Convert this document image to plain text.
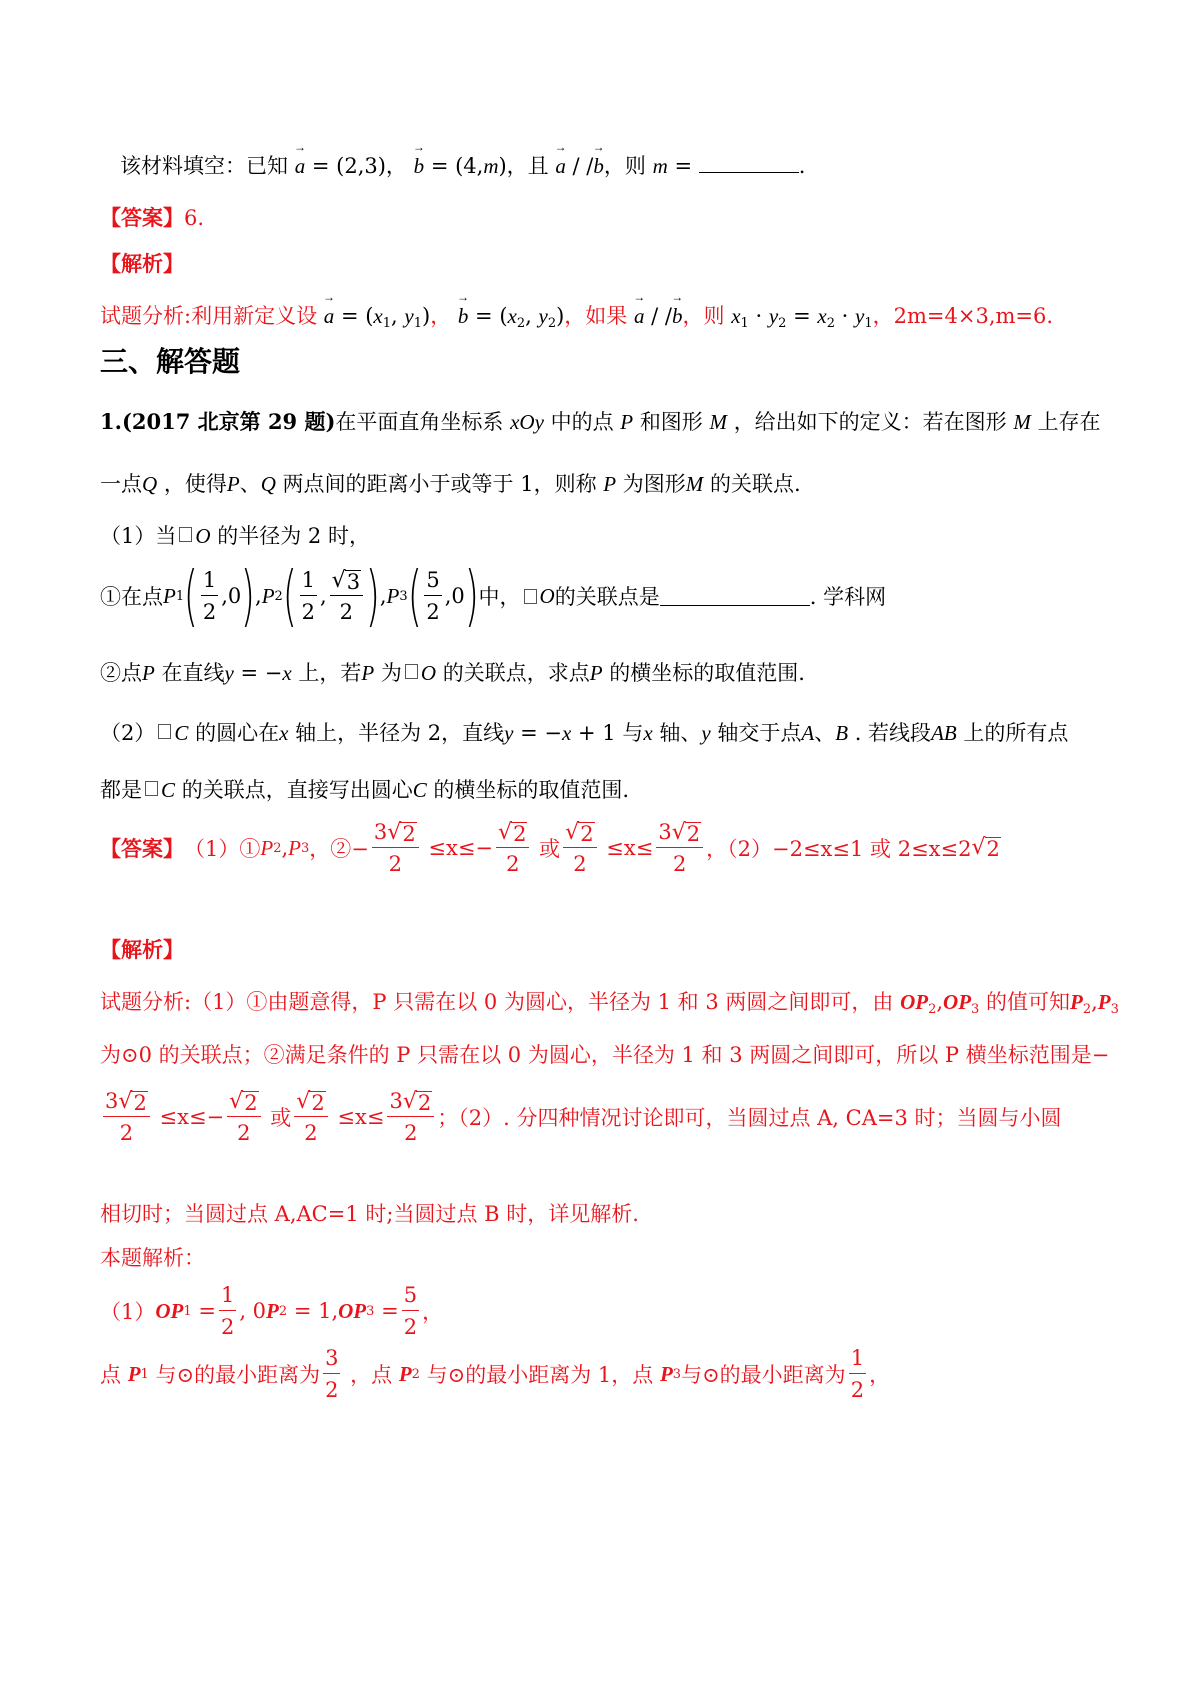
该材料填空：已知 → a = (2,3)， → b = (4,m)，且 → a / /→ b，则 m =	.
【答案】6.
【解析】
试题分析:利用新定义设 → $a = (x_1$, $y_1$)， → $b = (x_2$, $y_2$)，如果 → a / /→ b，则 $x_1 \cdot y_2 = x_2 \cdot y_1$，2m=4×3,m=6.
三、解答题
1.(2017 北京第 29 题)在平面直角坐标系 xOy 中的点 P 和图形 M ，给出如下的定义：若在图形 M 上存在
一点Q ，使得P、Q 两点间的距离小于或等于 1，则称 P 为图形M 的关联点.
（1）当 O 的半径为 2 时，
①在点 P 1 ( $\frac{1}{2} ,0$ ) , P 2 ( $\frac{1}{2}$ , $\frac{√ 3}{2}$ ) , P 3 ( $\frac{5}{2} ,0$ ) 中， O 的关联点是	. 学科网
②点P 在直线y = −x 上，若P 为 O 的关联点，求点P 的横坐标的取值范围.
（2） C 的圆心在x 轴上，半径为 2，直线y = −x + 1 与x 轴、y 轴交于点A、B . 若线段AB 上的所有点
都是 C 的关联点，直接写出圆心C 的横坐标的取值范围.
【答案】 （1）① P 2 , P 3 ，②− $\frac{3 √ 2}{2}$
$\le x\le- \frac{√ 2}{2}$
或 $\frac{√ 2}{2}$
$\le x\le \frac{3 √ 2}{2}$ ，（2）−2≤x≤1 或 2≤x≤2 √ 2
【解析】
试题分析:（1）①由题意得，P 只需在以 0 为圆心，半径为 1 和 3 两圆之间即可，由 $OP_2,OP_3$ 的值可知$P_2,P_3$
为⊙0 的关联点；②满足条件的 P 只需在以 0 为圆心，半径为 1 和 3 两圆之间即可，所以 P 横坐标范围是−
$\frac{3 √ 2}{2}$
$\le x\le- \frac{√ 2}{2}$
或 $\frac{√ 2}{2}$
$\le x\le \frac{3 √ 2}{2}$ ；（2）. 分四种情况讨论即可，当圆过点 A, CA=3 时；当圆与小圆
相切时；当圆过点 A,AC=1 时;当圆过点 B 时，详见解析.
本题解析：
（1） OP $1 = \frac{1}{2}$ , 0 P 2
= 1, OP $3 = \frac{5}{2}$ ，
点
P 1
与⊙的最小距离为 $\frac{3}{2}$
，点
P 2
与⊙的最小距离为 1，点
P 3 与⊙的最小距离为 $\frac{1}{2}$ ，
